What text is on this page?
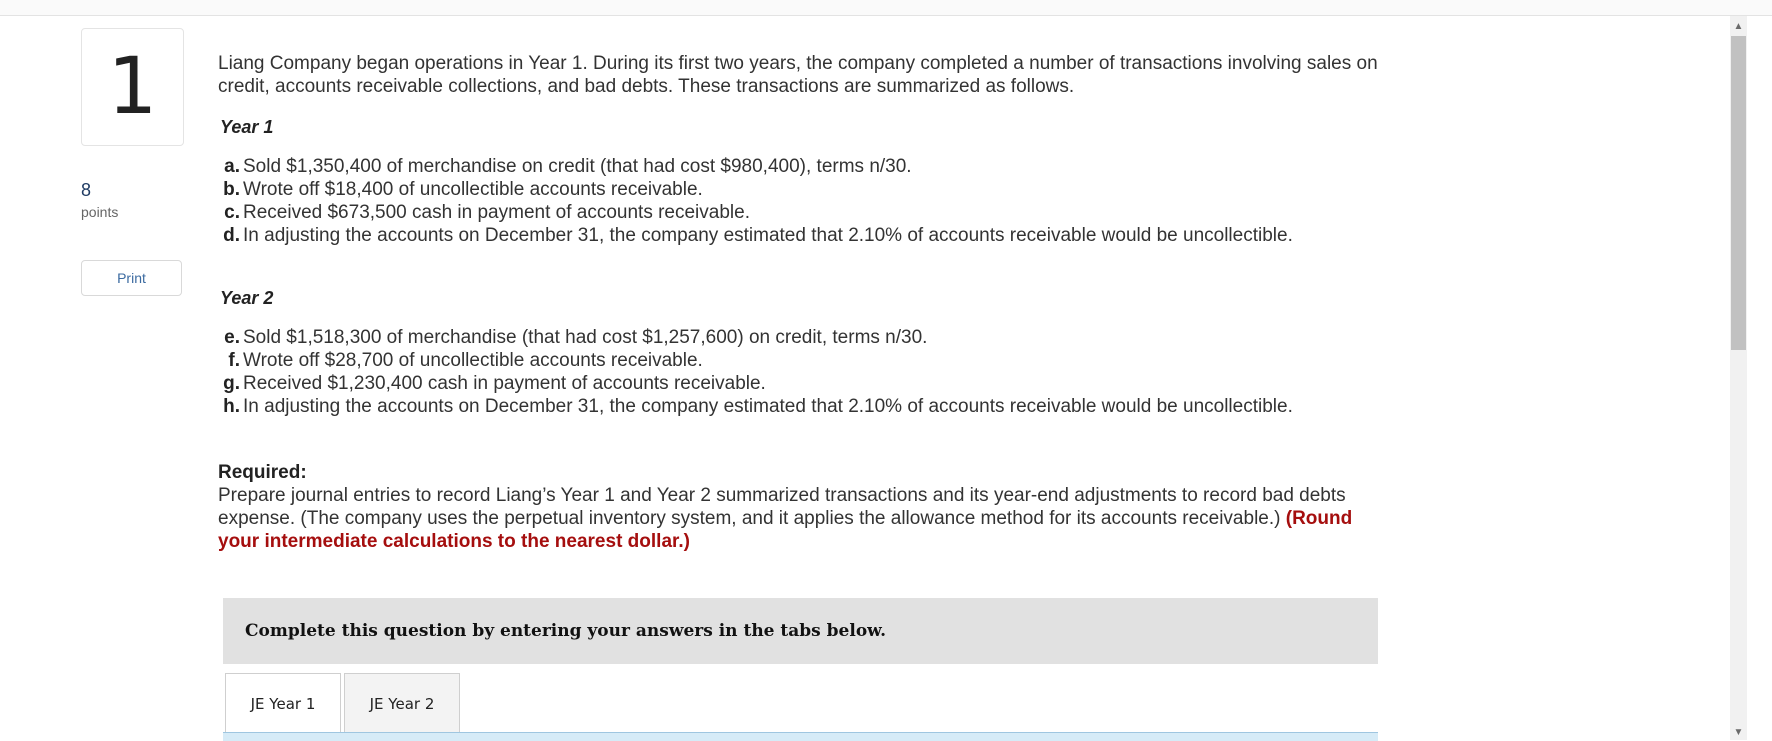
1
8
points
Print

Liang Company began operations in Year 1. During its first two years, the company completed a number of transactions involving sales on credit, accounts receivable collections, and bad debts. These transactions are summarized as follows.

Year 1

a. Sold $1,350,400 of merchandise on credit (that had cost $980,400), terms n/30.
b. Wrote off $18,400 of uncollectible accounts receivable.
c. Received $673,500 cash in payment of accounts receivable.
d. In adjusting the accounts on December 31, the company estimated that 2.10% of accounts receivable would be uncollectible.

Year 2

e. Sold $1,518,300 of merchandise (that had cost $1,257,600) on credit, terms n/30.
f. Wrote off $28,700 of uncollectible accounts receivable.
g. Received $1,230,400 cash in payment of accounts receivable.
h. In adjusting the accounts on December 31, the company estimated that 2.10% of accounts receivable would be uncollectible.

Required:

Prepare journal entries to record Liang’s Year 1 and Year 2 summarized transactions and its year-end adjustments to record bad debts expense. (The company uses the perpetual inventory system, and it applies the allowance method for its accounts receivable.) (Round your intermediate calculations to the nearest dollar.)

Complete this question by entering your answers in the tabs below.
JE Year 1	JE Year 2
▲
▼
